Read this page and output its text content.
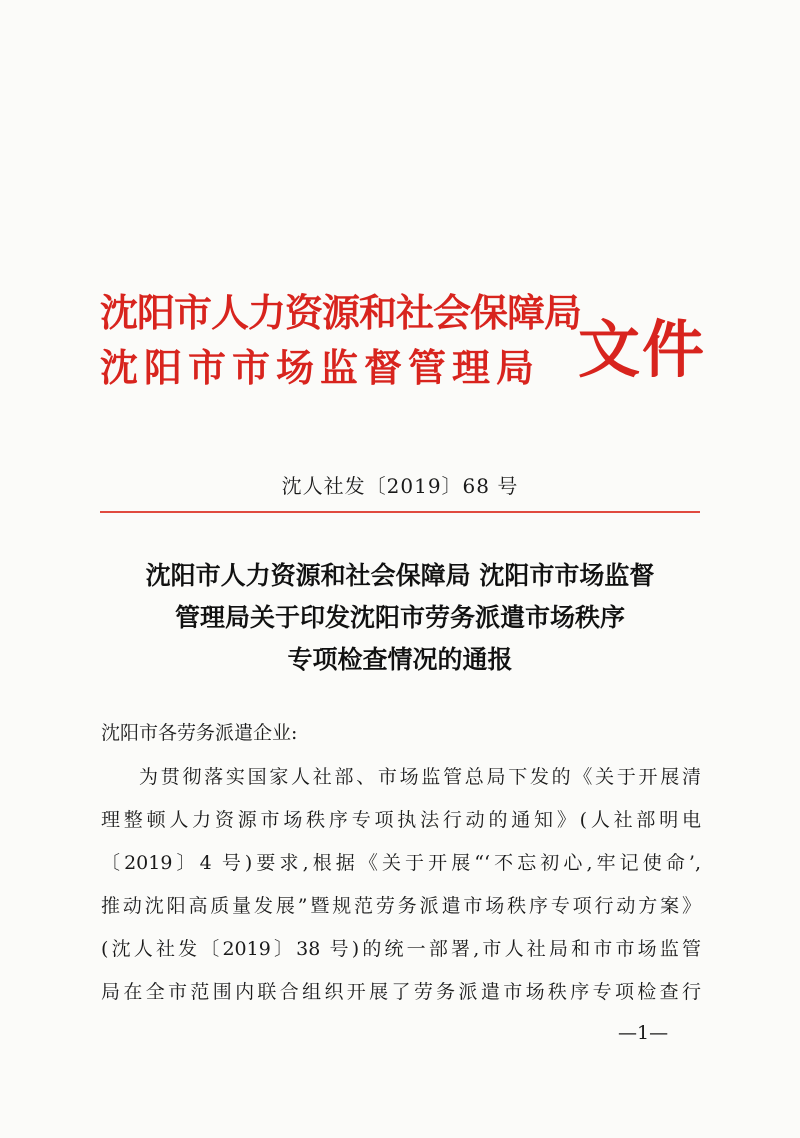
沈阳市人力资源和社会保障局
沈阳市市场监督管理局 文件
沈人社发〔2019〕68 号
沈阳市人力资源和社会保障局 沈阳市市场监督
管理局关于印发沈阳市劳务派遣市场秩序
专项检查情况的通报
沈阳市各劳务派遣企业:
为贯彻落实国家人社部、市场监管总局下发的《关于开展清
理整顿人力资源市场秩序专项执法行动的通知》(人社部明电
〔2019〕4 号)要求,根据《关于开展“‘不忘初心,牢记使命’,
推动沈阳高质量发展”暨规范劳务派遣市场秩序专项行动方案》
(沈人社发〔2019〕38 号)的统一部署,市人社局和市市场监管
局在全市范围内联合组织开展了劳务派遣市场秩序专项检查行
—1—
